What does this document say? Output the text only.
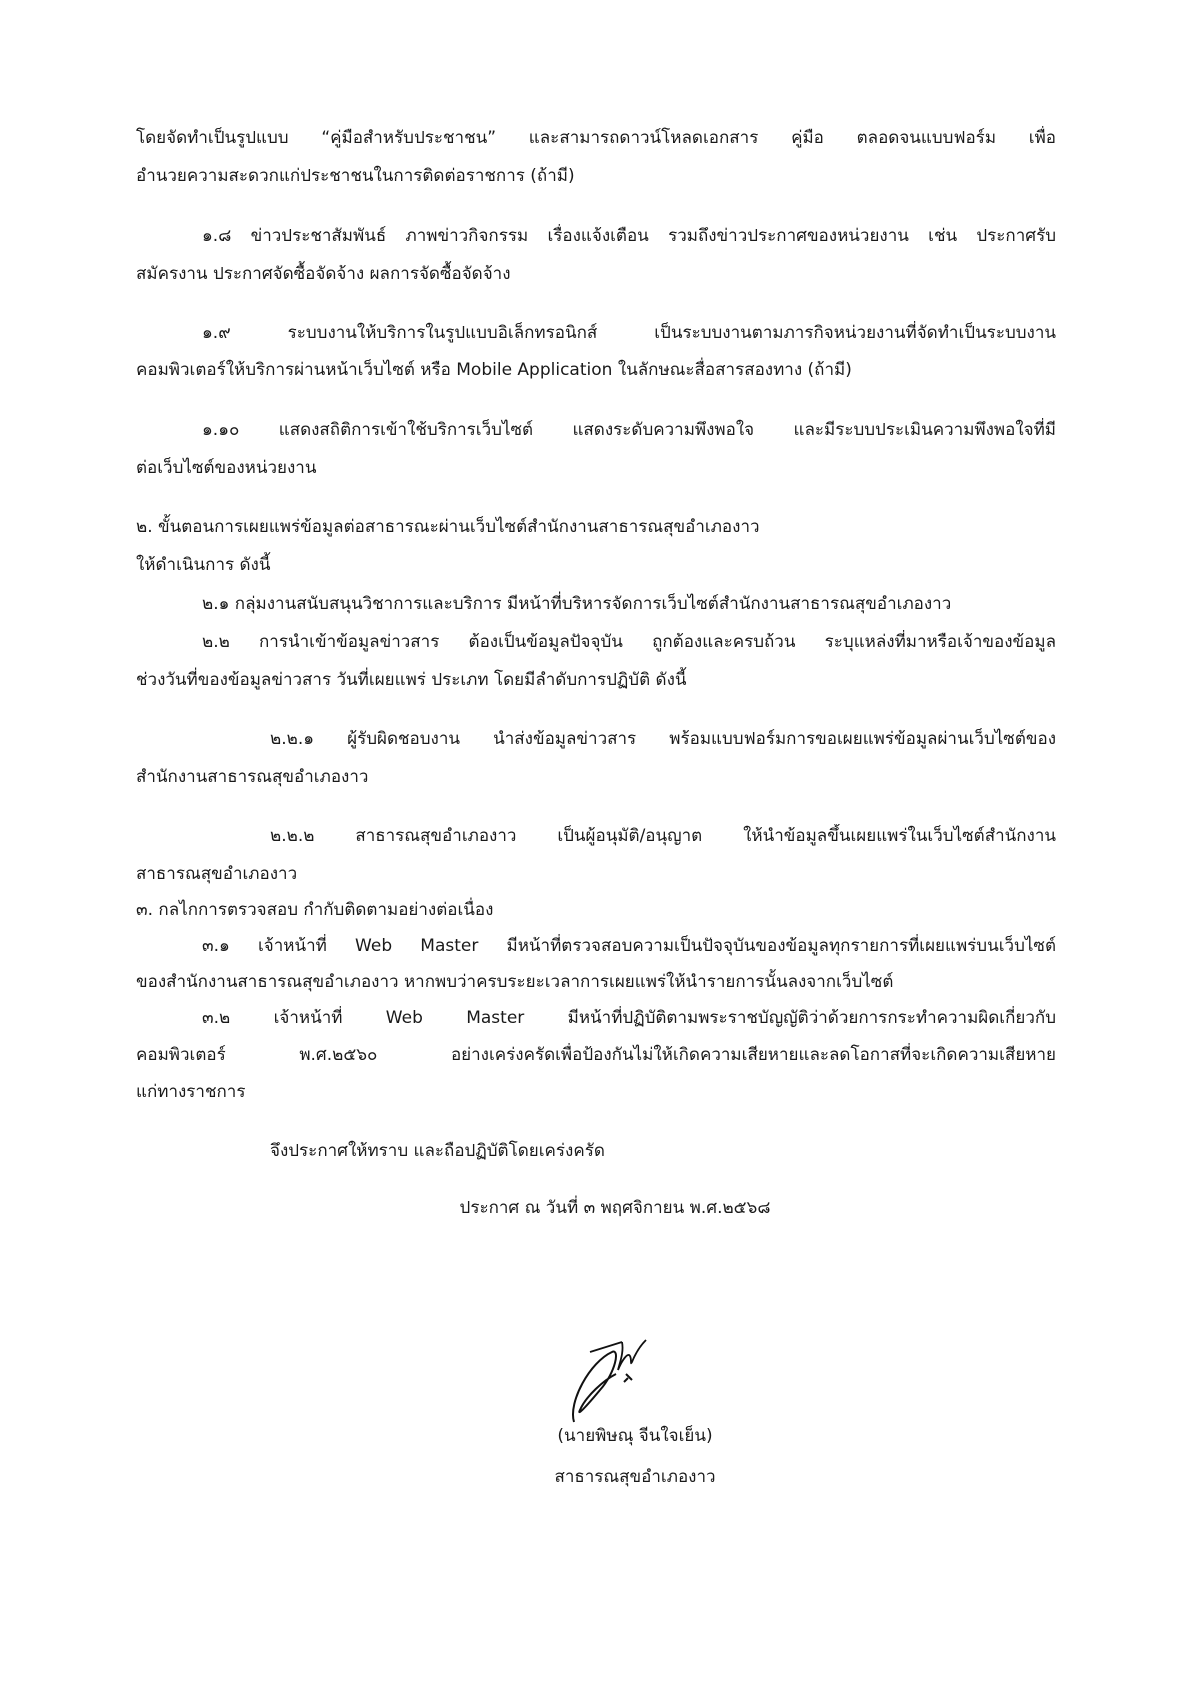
โดยจัดทำเป็นรูปแบบ “คู่มือสำหรับประชาชน” และสามารถดาวน์โหลดเอกสาร คู่มือ ตลอดจนแบบฟอร์ม เพื่อ
อำนวยความสะดวกแก่ประชาชนในการติดต่อราชการ (ถ้ามี)
๑.๘ ข่าวประชาสัมพันธ์ ภาพข่าวกิจกรรม เรื่องแจ้งเตือน รวมถึงข่าวประกาศของหน่วยงาน เช่น ประกาศรับ
สมัครงาน ประกาศจัดซื้อจัดจ้าง ผลการจัดซื้อจัดจ้าง
๑.๙ ระบบงานให้บริการในรูปแบบอิเล็กทรอนิกส์ เป็นระบบงานตามภารกิจหน่วยงานที่จัดทำเป็นระบบงาน
คอมพิวเตอร์ให้บริการผ่านหน้าเว็บไซต์ หรือ Mobile Application ในลักษณะสื่อสารสองทาง (ถ้ามี)
๑.๑๐ แสดงสถิติการเข้าใช้บริการเว็บไซต์ แสดงระดับความพึงพอใจ และมีระบบประเมินความพึงพอใจที่มี
ต่อเว็บไซต์ของหน่วยงาน
๒. ขั้นตอนการเผยแพร่ข้อมูลต่อสาธารณะผ่านเว็บไซต์สำนักงานสาธารณสุขอำเภองาว
ให้ดำเนินการ ดังนี้
๒.๑ กลุ่มงานสนับสนุนวิชาการและบริการ มีหน้าที่บริหารจัดการเว็บไซต์สำนักงานสาธารณสุขอำเภองาว
๒.๒ การนำเข้าข้อมูลข่าวสาร ต้องเป็นข้อมูลปัจจุบัน ถูกต้องและครบถ้วน ระบุแหล่งที่มาหรือเจ้าของข้อมูล
ช่วงวันที่ของข้อมูลข่าวสาร วันที่เผยแพร่ ประเภท โดยมีลำดับการปฏิบัติ ดังนี้
๒.๒.๑ ผู้รับผิดชอบงาน นำส่งข้อมูลข่าวสาร พร้อมแบบฟอร์มการขอเผยแพร่ข้อมูลผ่านเว็บไซต์ของ
สำนักงานสาธารณสุขอำเภองาว
๒.๒.๒ สาธารณสุขอำเภองาว เป็นผู้อนุมัติ/อนุญาต ให้นำข้อมูลขึ้นเผยแพร่ในเว็บไซต์สำนักงาน
สาธารณสุขอำเภองาว
๓. กลไกการตรวจสอบ กำกับติดตามอย่างต่อเนื่อง
๓.๑ เจ้าหน้าที่ Web Master มีหน้าที่ตรวจสอบความเป็นปัจจุบันของข้อมูลทุกรายการที่เผยแพร่บนเว็บไซต์
ของสำนักงานสาธารณสุขอำเภองาว หากพบว่าครบระยะเวลาการเผยแพร่ให้นำรายการนั้นลงจากเว็บไซต์
๓.๒ เจ้าหน้าที่ Web Master มีหน้าที่ปฏิบัติตามพระราชบัญญัติว่าด้วยการกระทำความผิดเกี่ยวกับ
คอมพิวเตอร์ พ.ศ.๒๕๖๐ อย่างเคร่งครัดเพื่อป้องกันไม่ให้เกิดความเสียหายและลดโอกาสที่จะเกิดความเสียหาย
แก่ทางราชการ
จึงประกาศให้ทราบ และถือปฏิบัติโดยเคร่งครัด
ประกาศ ณ วันที่ ๓ พฤศจิกายน พ.ศ.๒๕๖๘
(นายพิษณุ จีนใจเย็น)
สาธารณสุขอำเภองาว
